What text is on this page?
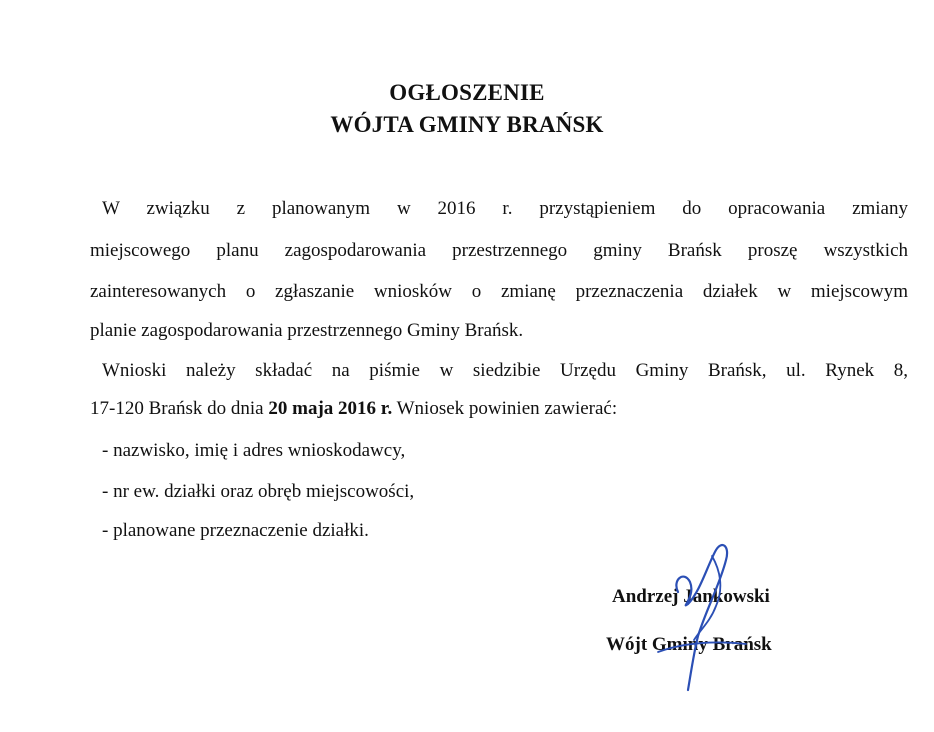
OGŁOSZENIE
WÓJTA GMINY BRAŃSK
W związku z planowanym w 2016 r. przystąpieniem do opracowania zmiany
miejscowego planu zagospodarowania przestrzennego gminy Brańsk proszę wszystkich
zainteresowanych o zgłaszanie wniosków o zmianę przeznaczenia działek w miejscowym
planie zagospodarowania przestrzennego Gminy Brańsk.
Wnioski należy składać na piśmie w siedzibie Urzędu Gminy Brańsk, ul. Rynek 8,
17-120 Brańsk do dnia 20 maja 2016 r. Wniosek powinien zawierać:
- nazwisko, imię i adres wnioskodawcy,
- nr ew. działki oraz obręb miejscowości,
- planowane przeznaczenie działki.
Andrzej Jankowski
Wójt Gminy Brańsk
